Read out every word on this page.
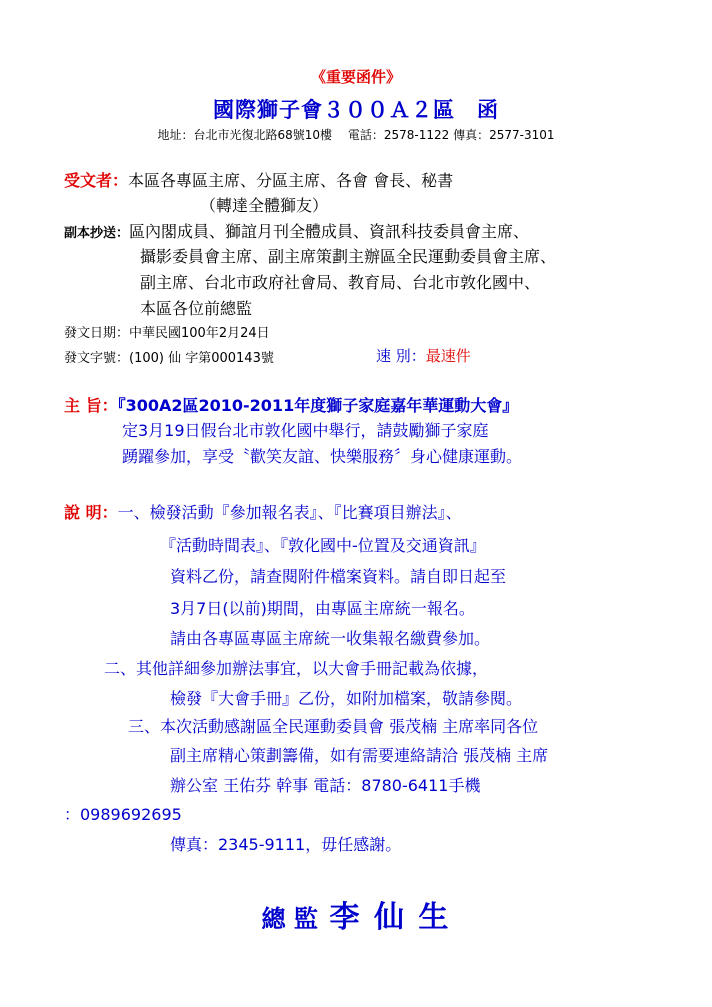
《重要函件》
國際獅子會３００Ａ２區　函
地址：台北市光復北路68號10樓　 電話：2578-1122 傳真：2577-3101
受文者：本區各專區主席、分區主席、各會 會長、秘書
（轉達全體獅友）
副本抄送：區內閣成員、獅誼月刊全體成員、資訊科技委員會主席、
攝影委員會主席、副主席策劃主辦區全民運動委員會主席、
副主席、台北市政府社會局、教育局、台北市敦化國中、
本區各位前總監
發文日期：中華民國100年2月24日
發文字號：(100) 仙 字第000143號	速 別：最速件
主 旨：『300A2區2010-2011年度獅子家庭嘉年華運動大會』
定3月19日假台北市敦化國中舉行，請鼓勵獅子家庭
踴躍參加，享受〝歡笑友誼、快樂服務〞身心健康運動。
說 明：一、檢發活動『參加報名表』、『比賽項目辦法』、
『活動時間表』、『敦化國中-位置及交通資訊』
資料乙份，請查閱附件檔案資料。請自即日起至
3月7日(以前)期間，由專區主席統一報名。
請由各專區專區主席統一收集報名繳費參加。
二、其他詳細參加辦法事宜，以大會手冊記載為依據，
檢發『大會手冊』乙份，如附加檔案，敬請參閱。
三、本次活動感謝區全民運動委員會 張茂楠 主席率同各位
副主席精心策劃籌備，如有需要連絡請洽 張茂楠 主席
辦公室 王佑芬 幹事 電話：8780-6411手機
：0989692695
傳真：2345-9111，毋任感謝。
總 監 李 仙 生
